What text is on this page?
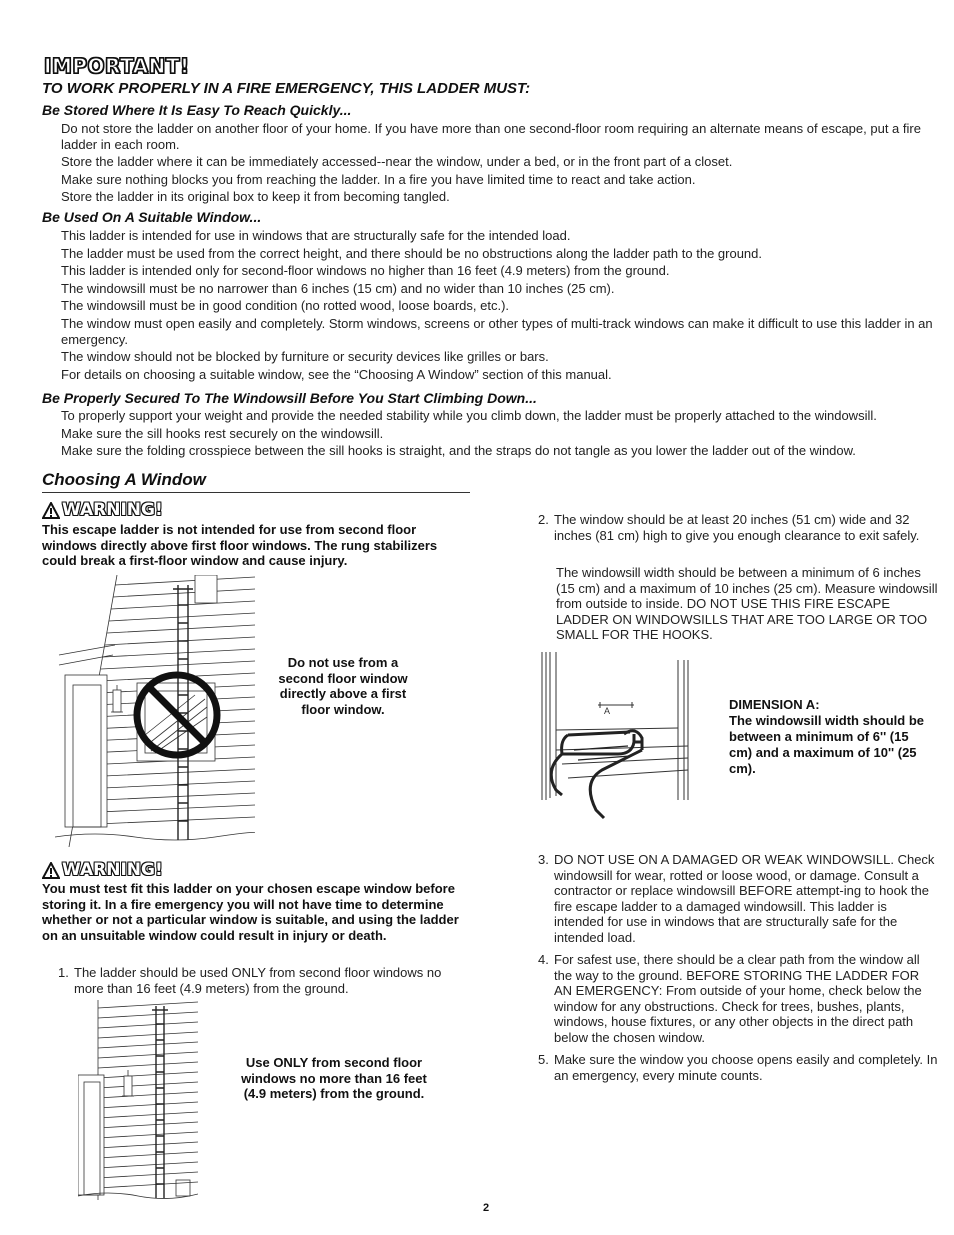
IMPORTANT!
TO WORK PROPERLY IN A FIRE EMERGENCY, THIS LADDER MUST:
Be Stored Where It Is Easy To Reach Quickly...

Do not store the ladder on another floor of your home. If you have more than one second-floor room requiring an alternate means of escape, put a fire ladder in each room.

Store the ladder where it can be immediately accessed--near the window, under a bed, or in the front part of a closet.

Make sure nothing blocks you from reaching the ladder. In a fire you have limited time to react and take action.

Store the ladder in its original box to keep it from becoming tangled.

Be Used On A Suitable Window...

This ladder is intended for use in windows that are structurally safe for the intended load.

The ladder must be used from the correct height, and there should be no obstructions along the ladder path to the ground.

This ladder is intended only for second-floor windows no higher than 16 feet (4.9 meters) from the ground.

The windowsill must be no narrower than 6 inches (15 cm) and no wider than 10 inches (25 cm).

The windowsill must be in good condition (no rotted wood, loose boards, etc.).

The window must open easily and completely. Storm windows, screens or other types of multi-track windows can make it difficult to use this ladder in an emergency.

The window should not be blocked by furniture or security devices like grilles or bars.

For details on choosing a suitable window, see the “Choosing A Window” section of this manual.

Be Properly Secured To The Windowsill Before You Start Climbing Down...

To properly support your weight and provide the needed stability while you climb down, the ladder must be properly attached to the windowsill.

Make sure the sill hooks rest securely on the windowsill.

Make sure the folding crosspiece between the sill hooks is straight, and the straps do not tangle as you lower the ladder out of the window.

Choosing A Window
WARNING!

This escape ladder is not intended for use from second floor windows directly above first floor windows. The rung stabilizers could break a first-floor window and cause injury.

Do not use from a second floor window directly above a first floor window.

WARNING!

You must test fit this ladder on your chosen escape window before storing it. In a fire emergency you will not have time to determine whether or not a particular window is suitable, and using the ladder on an unsuitable window could result in injury or death.

1. The ladder should be used ONLY from second floor windows no more than 16 feet (4.9 meters) from the ground.

Use ONLY from second floor windows no more than 16 feet (4.9 meters) from the ground.

2. The window should be at least 20 inches (51 cm) wide and 32 inches (81 cm) high to give you enough clearance to exit safely.

The windowsill width should be between a minimum of 6 inches (15 cm) and a maximum of 10 inches (25 cm). Measure windowsill from outside to inside. DO NOT USE THIS FIRE ESCAPE LADDER ON WINDOWSILLS THAT ARE TOO LARGE OR TOO SMALL FOR THE HOOKS.

A	DIMENSION A:
The windowsill width should be between a minimum of 6'' (15 cm) and a maximum of 10'' (25 cm).
3. DO NOT USE ON A DAMAGED OR WEAK WINDOWSILL. Check windowsill for wear, rotted or loose wood, or damage. Consult a contractor or replace windowsill BEFORE attempt-ing to hook the fire escape ladder to a damaged windowsill. This ladder is intended for use in windows that are structurally safe for the intended load.
4. For safest use, there should be a clear path from the window all the way to the ground. BEFORE STORING THE LADDER FOR AN EMERGENCY: From outside of your home, check below the window for any obstructions. Check for trees, bushes, plants, windows, house fixtures, or any other objects in the direct path below the chosen window.
5. Make sure the window you choose opens easily and completely. In an emergency, every minute counts.

2
